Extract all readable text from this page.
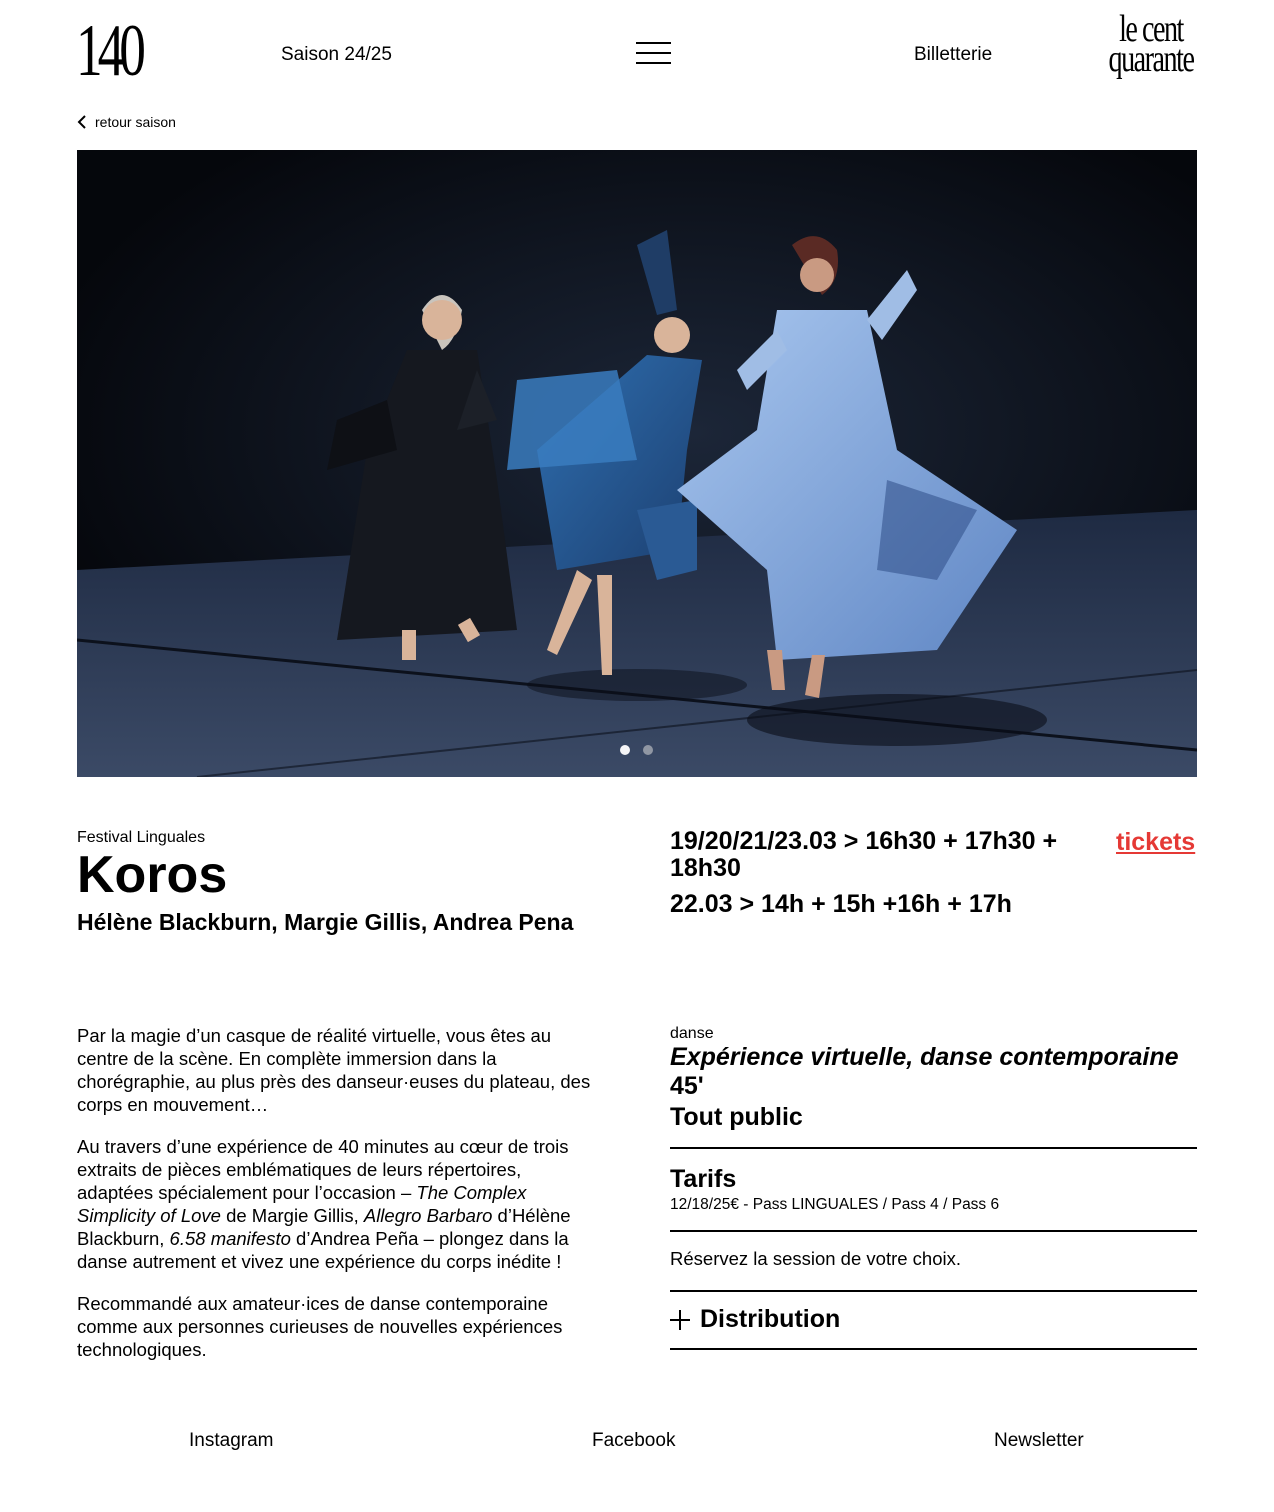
140	Saison 24/25	Billetterie
le cent
quarante
retour saison
Festival Linguales
Koros
Hélène Blackburn, Margie Gillis, Andrea Pena
19/20/21/23.03 > 16h30 + 17h30 + 18h30
22.03 > 14h + 15h +16h + 17h
tickets

Par la magie d’un casque de réalité virtuelle, vous êtes au centre de la scène. En complète immersion dans la chorégraphie, au plus près des danseur·euses du plateau, des corps en mouvement…

Au travers d’une expérience de 40 minutes au cœur de trois extraits de pièces emblématiques de leurs répertoires, adaptées spécialement pour l’occasion – The Complex Simplicity of Love de Margie Gillis, Allegro Barbaro d’Hélène Blackburn, 6.58 manifesto d’Andrea Peña – plongez dans la danse autrement et vivez une expérience du corps inédite !

Recommandé aux amateur·ices de danse contemporaine comme aux personnes curieuses de nouvelles expériences technologiques.

danse
Expérience virtuelle, danse contemporaine
45'
Tout public
Tarifs
12/18/25€ - Pass LINGUALES / Pass 4 / Pass 6
Réservez la session de votre choix.
Distribution
Instagram	Facebook	Newsletter
